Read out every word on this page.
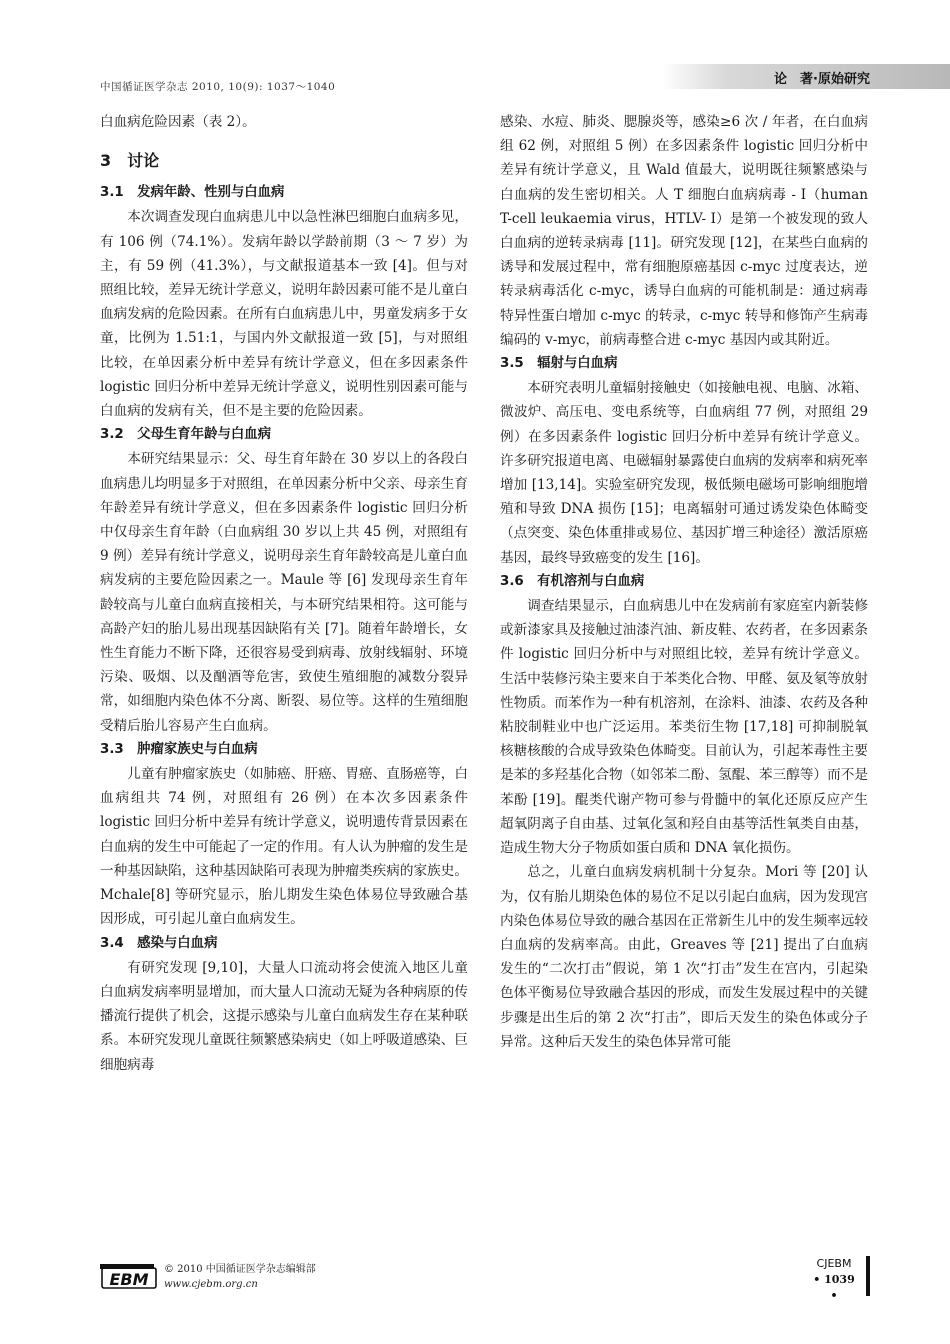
中国循证医学杂志 2010, 10(9): 1037～1040	论　著·原始研究

白血病危险因素（表 2）。

3　讨论
3.1　发病年龄、性别与白血病

本次调查发现白血病患儿中以急性淋巴细胞白血病多见，有 106 例（74.1%）。发病年龄以学龄前期（3 ～ 7 岁）为主，有 59 例（41.3%），与文献报道基本一致 [4]。但与对照组比较，差异无统计学意义，说明年龄因素可能不是儿童白血病发病的危险因素。在所有白血病患儿中，男童发病多于女童，比例为 1.51:1，与国内外文献报道一致 [5]，与对照组比较，在单因素分析中差异有统计学意义，但在多因素条件 logistic 回归分析中差异无统计学意义，说明性别因素可能与白血病的发病有关，但不是主要的危险因素。

3.2　父母生育年龄与白血病

本研究结果显示：父、母生育年龄在 30 岁以上的各段白血病患儿均明显多于对照组，在单因素分析中父亲、母亲生育年龄差异有统计学意义，但在多因素条件 logistic 回归分析中仅母亲生育年龄（白血病组 30 岁以上共 45 例，对照组有 9 例）差异有统计学意义，说明母亲生育年龄较高是儿童白血病发病的主要危险因素之一。Maule 等 [6] 发现母亲生育年龄较高与儿童白血病直接相关，与本研究结果相符。这可能与高龄产妇的胎儿易出现基因缺陷有关 [7]。随着年龄增长，女性生育能力不断下降，还很容易受到病毒、放射线辐射、环境污染、吸烟、以及酗酒等危害，致使生殖细胞的减数分裂异常，如细胞内染色体不分离、断裂、易位等。这样的生殖细胞受精后胎儿容易产生白血病。

3.3　肿瘤家族史与白血病

儿童有肿瘤家族史（如肺癌、肝癌、胃癌、直肠癌等，白血病组共 74 例，对照组有 26 例）在本次多因素条件 logistic 回归分析中差异有统计学意义，说明遗传背景因素在白血病的发生中可能起了一定的作用。有人认为肿瘤的发生是一种基因缺陷，这种基因缺陷可表现为肿瘤类疾病的家族史。Mchale[8] 等研究显示，胎儿期发生染色体易位导致融合基因形成，可引起儿童白血病发生。

3.4　感染与白血病

有研究发现 [9,10]，大量人口流动将会使流入地区儿童白血病发病率明显增加，而大量人口流动无疑为各种病原的传播流行提供了机会，这提示感染与儿童白血病发生存在某种联系。本研究发现儿童既往频繁感染病史（如上呼吸道感染、巨细胞病毒

感染、水痘、肺炎、腮腺炎等，感染≥6 次 / 年者，在白血病组 62 例，对照组 5 例）在多因素条件 logistic 回归分析中差异有统计学意义，且 Wald 值最大，说明既往频繁感染与白血病的发生密切相关。人 T 细胞白血病病毒 - Ⅰ（human T-cell leukaemia virus，HTLV- Ⅰ）是第一个被发现的致人白血病的逆转录病毒 [11]。研究发现 [12]，在某些白血病的诱导和发展过程中，常有细胞原癌基因 c-myc 过度表达，逆转录病毒活化 c-myc，诱导白血病的可能机制是：通过病毒特异性蛋白增加 c-myc 的转录，c-myc 转导和修饰产生病毒编码的 v-myc，前病毒整合进 c-myc 基因内或其附近。

3.5　辐射与白血病

本研究表明儿童辐射接触史（如接触电视、电脑、冰箱、微波炉、高压电、变电系统等，白血病组 77 例，对照组 29 例）在多因素条件 logistic 回归分析中差异有统计学意义。许多研究报道电离、电磁辐射暴露使白血病的发病率和病死率增加 [13,14]。实验室研究发现，极低频电磁场可影响细胞增殖和导致 DNA 损伤 [15]；电离辐射可通过诱发染色体畸变（点突变、染色体重排或易位、基因扩增三种途径）激活原癌基因，最终导致癌变的发生 [16]。

3.6　有机溶剂与白血病

调查结果显示，白血病患儿中在发病前有家庭室内新装修或新漆家具及接触过油漆汽油、新皮鞋、农药者，在多因素条件 logistic 回归分析中与对照组比较，差异有统计学意义。生活中装修污染主要来自于苯类化合物、甲醛、氨及氡等放射性物质。而苯作为一种有机溶剂，在涂料、油漆、农药及各种粘胶制鞋业中也广泛运用。苯类衍生物 [17,18] 可抑制脱氧核糖核酸的合成导致染色体畸变。目前认为，引起苯毒性主要是苯的多羟基化合物（如邻苯二酚、氢醌、苯三醇等）而不是苯酚 [19]。醌类代谢产物可参与骨髓中的氧化还原反应产生超氧阴离子自由基、过氧化氢和羟自由基等活性氧类自由基，造成生物大分子物质如蛋白质和 DNA 氧化损伤。

总之，儿童白血病发病机制十分复杂。Mori 等 [20] 认为，仅有胎儿期染色体的易位不足以引起白血病，因为发现宫内染色体易位导致的融合基因在正常新生儿中的发生频率远较白血病的发病率高。由此，Greaves 等 [21] 提出了白血病发生的“二次打击”假说，第 1 次“打击”发生在宫内，引起染色体平衡易位导致融合基因的形成，而发生发展过程中的关键步骤是出生后的第 2 次“打击”，即后天发生的染色体或分子异常。这种后天发生的染色体异常可能

EBM
© 2010 中国循证医学杂志编辑部
www.cjebm.org.cn
CJEBM
• 1039 •
